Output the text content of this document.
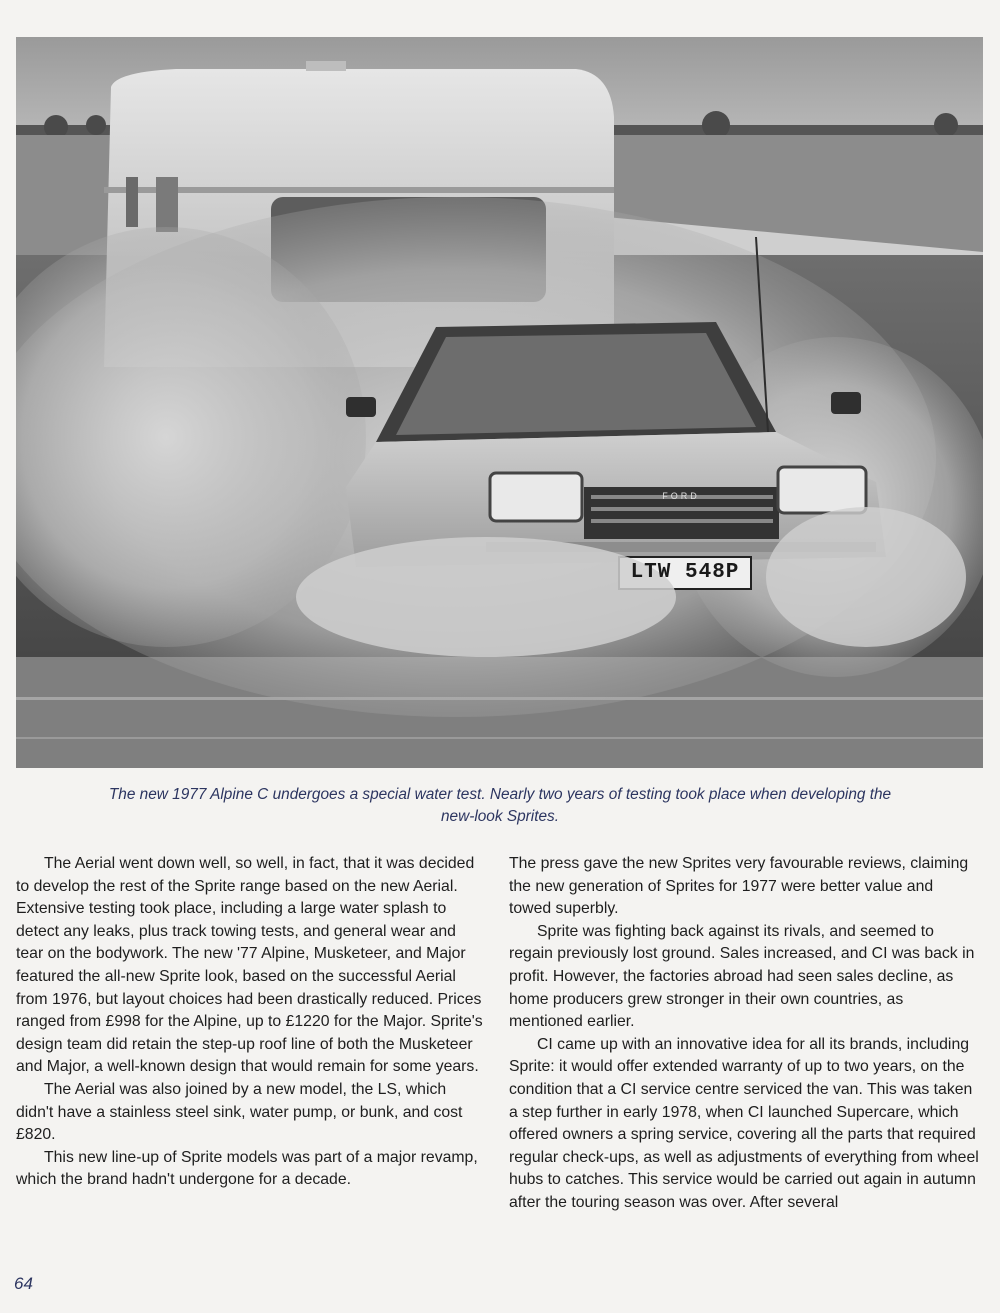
LTW 548P
FORD
The new 1977 Alpine C undergoes a special water test. Nearly two years of testing took place when developing the
new-look Sprites.

The Aerial went down well, so well, in fact, that it was decided to develop the rest of the Sprite range based on the new Aerial. Extensive testing took place, including a large water splash to detect any leaks, plus track towing tests, and general wear and tear on the bodywork. The new '77 Alpine, Musketeer, and Major featured the all-new Sprite look, based on the successful Aerial from 1976, but layout choices had been drastically reduced. Prices ranged from £998 for the Alpine, up to £1220 for the Major. Sprite's design team did retain the step-up roof line of both the Musketeer and Major, a well-known design that would remain for some years.

The Aerial was also joined by a new model, the LS, which didn't have a stainless steel sink, water pump, or bunk, and cost £820.

This new line-up of Sprite models was part of a major revamp, which the brand hadn't undergone for a decade.

The press gave the new Sprites very favourable reviews, claiming the new generation of Sprites for 1977 were better value and towed superbly.

Sprite was fighting back against its rivals, and seemed to regain previously lost ground. Sales increased, and CI was back in profit. However, the factories abroad had seen sales decline, as home producers grew stronger in their own countries, as mentioned earlier.

CI came up with an innovative idea for all its brands, including Sprite: it would offer extended warranty of up to two years, on the condition that a CI service centre serviced the van. This was taken a step further in early 1978, when CI launched Supercare, which offered owners a spring service, covering all the parts that required regular check-ups, as well as adjustments of everything from wheel hubs to catches. This service would be carried out again in autumn after the touring season was over. After several

64
